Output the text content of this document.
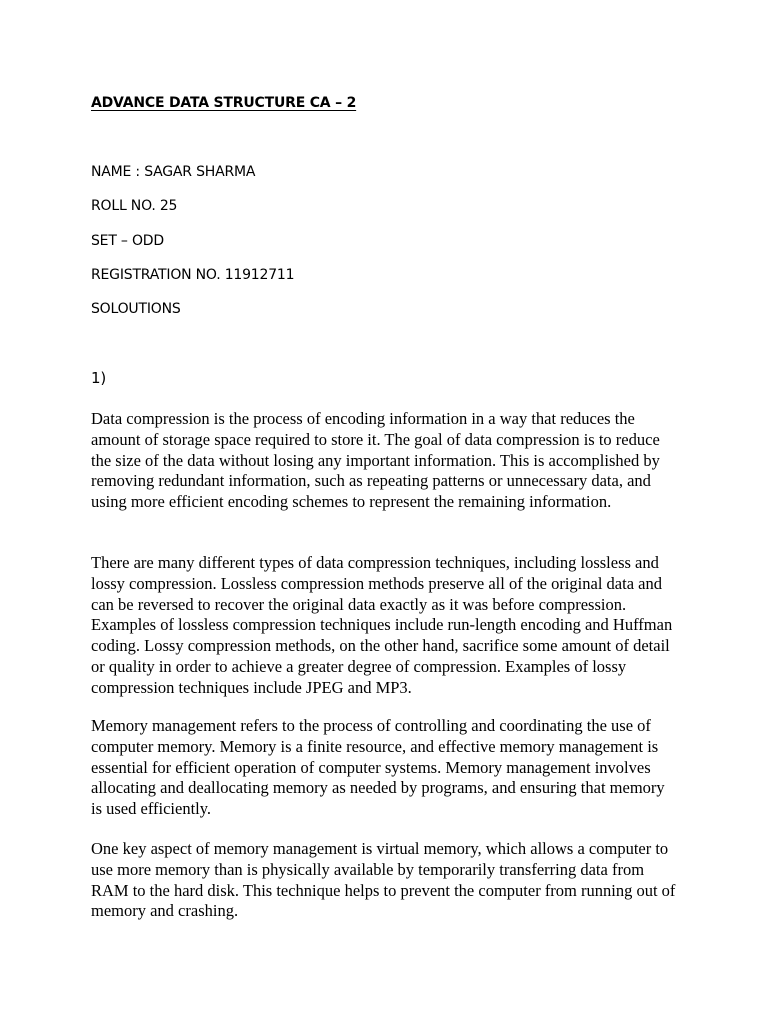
ADVANCE DATA STRUCTURE CA – 2
NAME : SAGAR SHARMA
ROLL NO. 25
SET – ODD
REGISTRATION NO. 11912711
SOLOUTIONS
1)

Data compression is the process of encoding information in a way that reduces the amount of storage space required to store it. The goal of data compression is to reduce the size of the data without losing any important information. This is accomplished by removing redundant information, such as repeating patterns or unnecessary data, and using more efficient encoding schemes to represent the remaining information.

There are many different types of data compression techniques, including lossless and lossy compression. Lossless compression methods preserve all of the original data and can be reversed to recover the original data exactly as it was before compression. Examples of lossless compression techniques include run-length encoding and Huffman coding. Lossy compression methods, on the other hand, sacrifice some amount of detail or quality in order to achieve a greater degree of compression. Examples of lossy compression techniques include JPEG and MP3.

Memory management refers to the process of controlling and coordinating the use of computer memory. Memory is a finite resource, and effective memory management is essential for efficient operation of computer systems. Memory management involves allocating and deallocating memory as needed by programs, and ensuring that memory is used efficiently.

One key aspect of memory management is virtual memory, which allows a computer to use more memory than is physically available by temporarily transferring data from RAM to the hard disk. This technique helps to prevent the computer from running out of memory and crashing.
